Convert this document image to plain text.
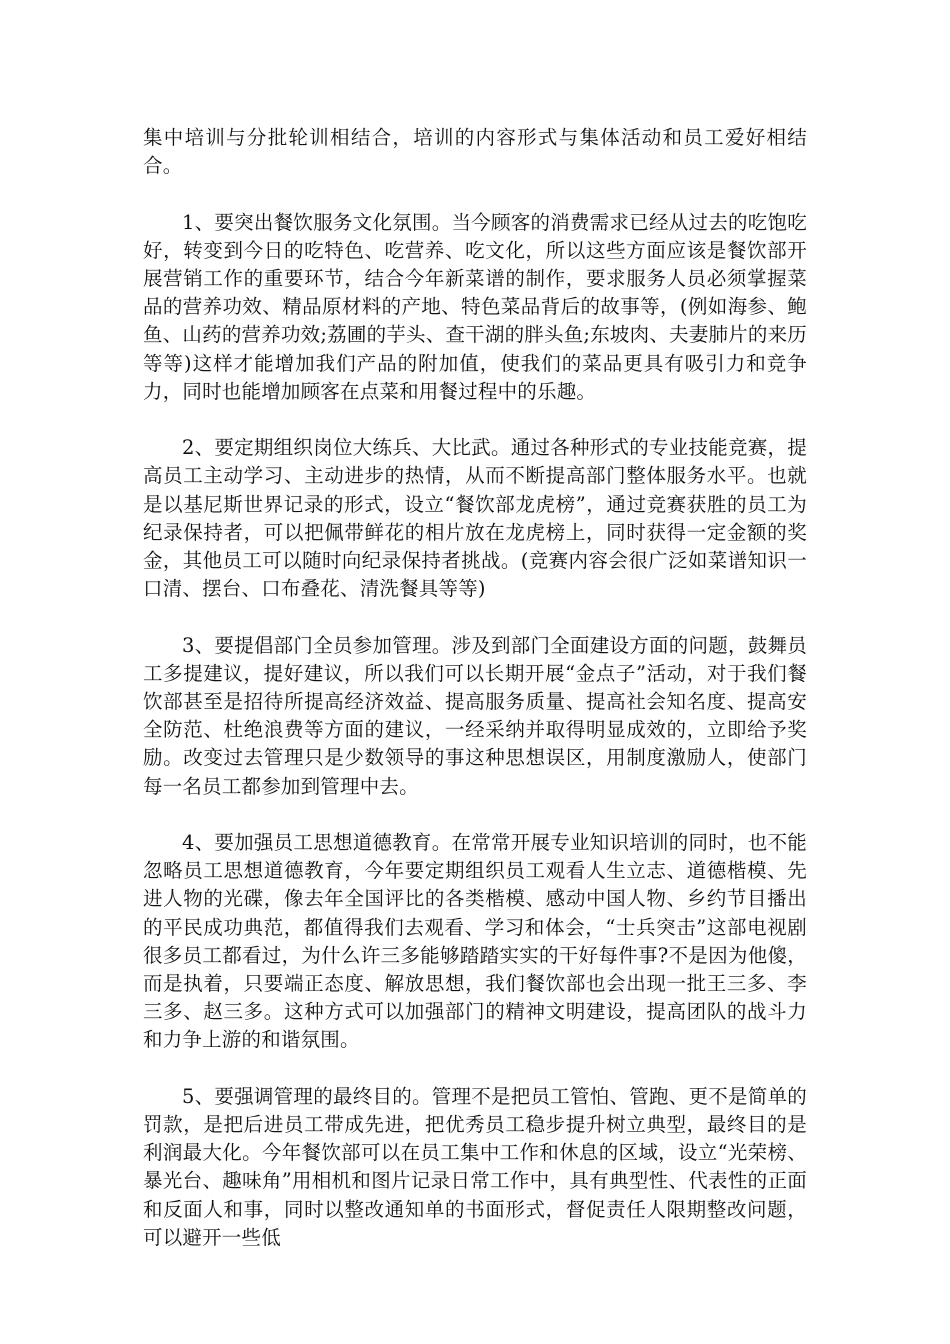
集中培训与分批轮训相结合，培训的内容形式与集体活动和员工爱好相结合。

1、要突出餐饮服务文化氛围。当今顾客的消费需求已经从过去的吃饱吃好，转变到今日的吃特色、吃营养、吃文化，所以这些方面应该是餐饮部开展营销工作的重要环节，结合今年新菜谱的制作，要求服务人员必须掌握菜品的营养功效、精品原材料的产地、特色菜品背后的故事等，(例如海参、鲍鱼、山药的营养功效;荔圃的芋头、查干湖的胖头鱼;东坡肉、夫妻肺片的来历等等)这样才能增加我们产品的附加值，使我们的菜品更具有吸引力和竞争力，同时也能增加顾客在点菜和用餐过程中的乐趣。

2、要定期组织岗位大练兵、大比武。通过各种形式的专业技能竞赛，提高员工主动学习、主动进步的热情，从而不断提高部门整体服务水平。也就是以基尼斯世界记录的形式，设立“餐饮部龙虎榜”，通过竞赛获胜的员工为纪录保持者，可以把佩带鲜花的相片放在龙虎榜上，同时获得一定金额的奖金，其他员工可以随时向纪录保持者挑战。(竞赛内容会很广泛如菜谱知识一口清、摆台、口布叠花、清洗餐具等等)

3、要提倡部门全员参加管理。涉及到部门全面建设方面的问题，鼓舞员工多提建议，提好建议，所以我们可以长期开展“金点子”活动，对于我们餐饮部甚至是招待所提高经济效益、提高服务质量、提高社会知名度、提高安全防范、杜绝浪费等方面的建议，一经采纳并取得明显成效的，立即给予奖励。改变过去管理只是少数领导的事这种思想误区，用制度激励人，使部门每一名员工都参加到管理中去。

4、要加强员工思想道德教育。在常常开展专业知识培训的同时，也不能忽略员工思想道德教育，今年要定期组织员工观看人生立志、道德楷模、先进人物的光碟，像去年全国评比的各类楷模、感动中国人物、乡约节目播出的平民成功典范，都值得我们去观看、学习和体会，“士兵突击”这部电视剧很多员工都看过，为什么许三多能够踏踏实实的干好每件事?不是因为他傻，而是执着，只要端正态度、解放思想，我们餐饮部也会出现一批王三多、李三多、赵三多。这种方式可以加强部门的精神文明建设，提高团队的战斗力和力争上游的和谐氛围。

5、要强调管理的最终目的。管理不是把员工管怕、管跑、更不是简单的罚款，是把后进员工带成先进，把优秀员工稳步提升树立典型，最终目的是利润最大化。今年餐饮部可以在员工集中工作和休息的区域，设立“光荣榜、暴光台、趣味角”用相机和图片记录日常工作中，具有典型性、代表性的正面和反面人和事，同时以整改通知单的书面形式，督促责任人限期整改问题，可以避开一些低
